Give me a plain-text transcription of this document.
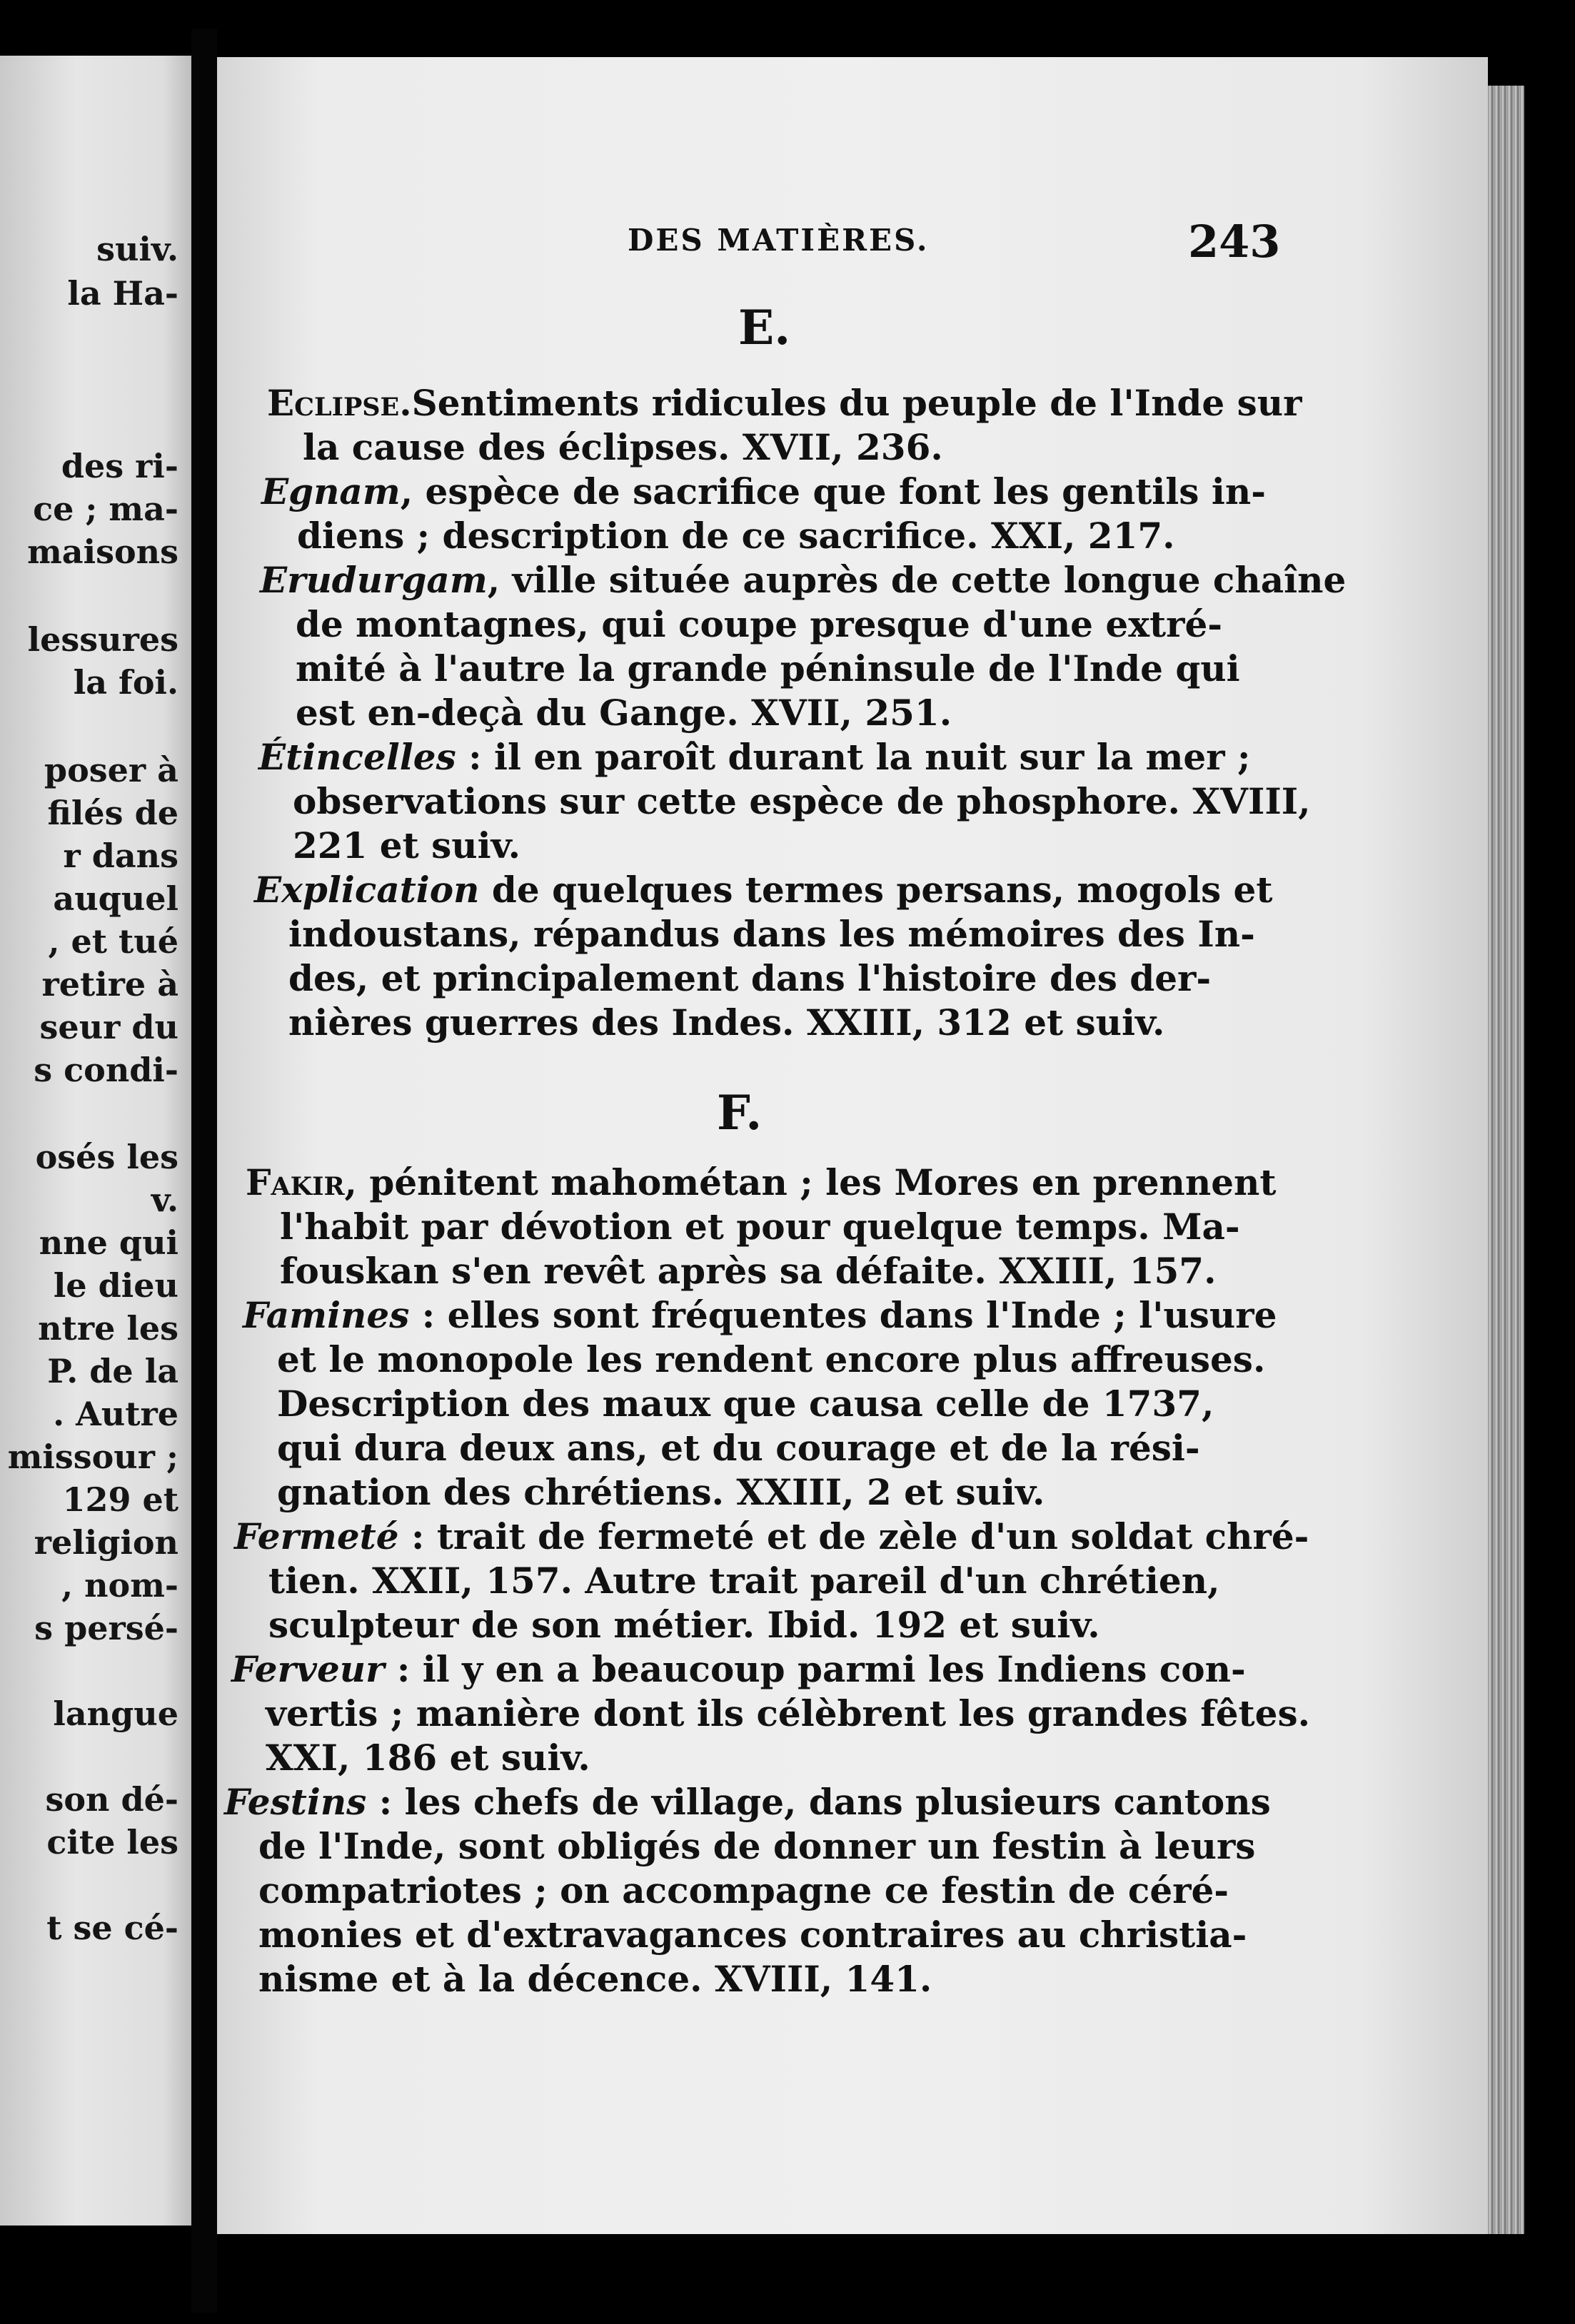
suiv.
la Ha-
des ri-
ce ; ma-
maisons
lessures
la foi.
poser à
filés de
r dans
auquel
, et tué
retire à
seur du
s condi-
osés les
v.
nne qui
le dieu
ntre les
P. de la
. Autre
missour ;
129 et
religion
, nom-
s persé-
langue
son dé-
cite les
t se cé-
DES MATIÈRES.	243
E.
Eclipse.Sentiments ridicules du peuple de l'Inde sur
la cause des éclipses. XVII, 236.
Egnam, espèce de sacrifice que font les gentils in-
diens ; description de ce sacrifice. XXI, 217.
Erudurgam, ville située auprès de cette longue chaîne
de montagnes, qui coupe presque d'une extré-
mité à l'autre la grande péninsule de l'Inde qui
est en-deçà du Gange. XVII, 251.
Étincelles : il en paroît durant la nuit sur la mer ;
observations sur cette espèce de phosphore. XVIII,
221 et suiv.
Explication de quelques termes persans, mogols et
indoustans, répandus dans les mémoires des In-
des, et principalement dans l'histoire des der-
nières guerres des Indes. XXIII, 312 et suiv.
F.
Fakir, pénitent mahométan ; les Mores en prennent
l'habit par dévotion et pour quelque temps. Ma-
fouskan s'en revêt après sa défaite. XXIII, 157.
Famines : elles sont fréquentes dans l'Inde ; l'usure
et le monopole les rendent encore plus affreuses.
Description des maux que causa celle de 1737,
qui dura deux ans, et du courage et de la rési-
gnation des chrétiens. XXIII, 2 et suiv.
Fermeté : trait de fermeté et de zèle d'un soldat chré-
tien. XXII, 157. Autre trait pareil d'un chrétien,
sculpteur de son métier. Ibid. 192 et suiv.
Ferveur : il y en a beaucoup parmi les Indiens con-
vertis ; manière dont ils célèbrent les grandes fêtes.
XXI, 186 et suiv.
Festins : les chefs de village, dans plusieurs cantons
de l'Inde, sont obligés de donner un festin à leurs
compatriotes ; on accompagne ce festin de céré-
monies et d'extravagances contraires au christia-
nisme et à la décence. XVIII, 141.
